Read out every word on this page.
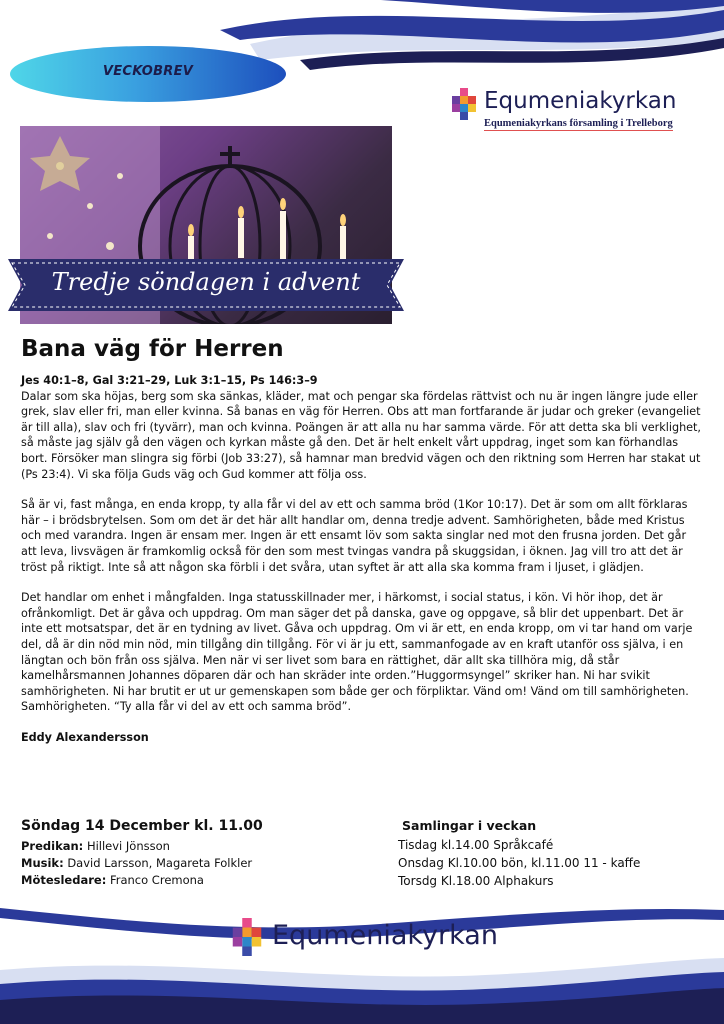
VECKOBREV
Equmeniakyrkan
Equmeniakyrkans församling i Trelleborg
Tredje söndagen i advent
Bana väg för Herren

Jes 40:1–8, Gal 3:21–29, Luk 3:1–15, Ps 146:3–9

Dalar som ska höjas, berg som ska sänkas, kläder, mat och pengar ska fördelas rättvist och nu är ingen längre jude eller grek, slav eller fri, man eller kvinna. Så banas en väg för Herren. Obs att man fortfarande är judar och greker (evangeliet är till alla), slav och fri (tyvärr), man och kvinna. Poängen är att alla nu har samma värde. För att detta ska bli verklighet, så måste jag själv gå den vägen och kyrkan måste gå den. Det är helt enkelt vårt uppdrag, inget som kan förhandlas bort. Försöker man slingra sig förbi (Job 33:27), så hamnar man bredvid vägen och den riktning som Herren har stakat ut (Ps 23:4). Vi ska följa Guds väg och Gud kommer att följa oss.

Så är vi, fast många, en enda kropp, ty alla får vi del av ett och samma bröd (1Kor 10:17). Det är som om allt förklaras här – i brödsbrytelsen. Som om det är det här allt handlar om, denna tredje advent. Samhörigheten, både med Kristus och med varandra. Ingen är ensam mer. Ingen är ett ensamt löv som sakta singlar ned mot den frusna jorden. Det går att leva, livsvägen är framkomlig också för den som mest tvingas vandra på skuggsidan, i öknen. Jag vill tro att det är tröst på riktigt. Inte så att någon ska förbli i det svåra, utan syftet är att alla ska komma fram i ljuset, i glädjen.

Det handlar om enhet i mångfalden. Inga statusskillnader mer, i härkomst, i social status, i kön. Vi hör ihop, det är ofrånkomligt. Det är gåva och uppdrag. Om man säger det på danska, gave og oppgave, så blir det uppenbart. Det är inte ett motsatspar, det är en tydning av livet. Gåva och uppdrag. Om vi är ett, en enda kropp, om vi tar hand om varje del, då är din nöd min nöd, min tillgång din tillgång. För vi är ju ett, sammanfogade av en kraft utanför oss själva, i en längtan och bön från oss själva. Men när vi ser livet som bara en rättighet, där allt ska tillhöra mig, då står kamelhårsmannen Johannes döparen där och han skräder inte orden.”Huggormsyngel” skriker han. Ni har svikit samhörigheten. Ni har brutit er ut ur gemenskapen som både ger och förpliktar. Vänd om! Vänd om till samhörigheten. Samhörigheten. “Ty alla får vi del av ett och samma bröd”.

Eddy Alexandersson

Söndag 14 December kl. 11.00
Predikan: Hillevi Jönsson
Musik: David Larsson, Magareta Folkler
Mötesledare: Franco Cremona
Samlingar i veckan
Tisdag kl.14.00 Språkcafé
Onsdag Kl.10.00 bön, kl.11.00 11 - kaffe
Torsdg Kl.18.00 Alphakurs
Equmeniakyrkan
